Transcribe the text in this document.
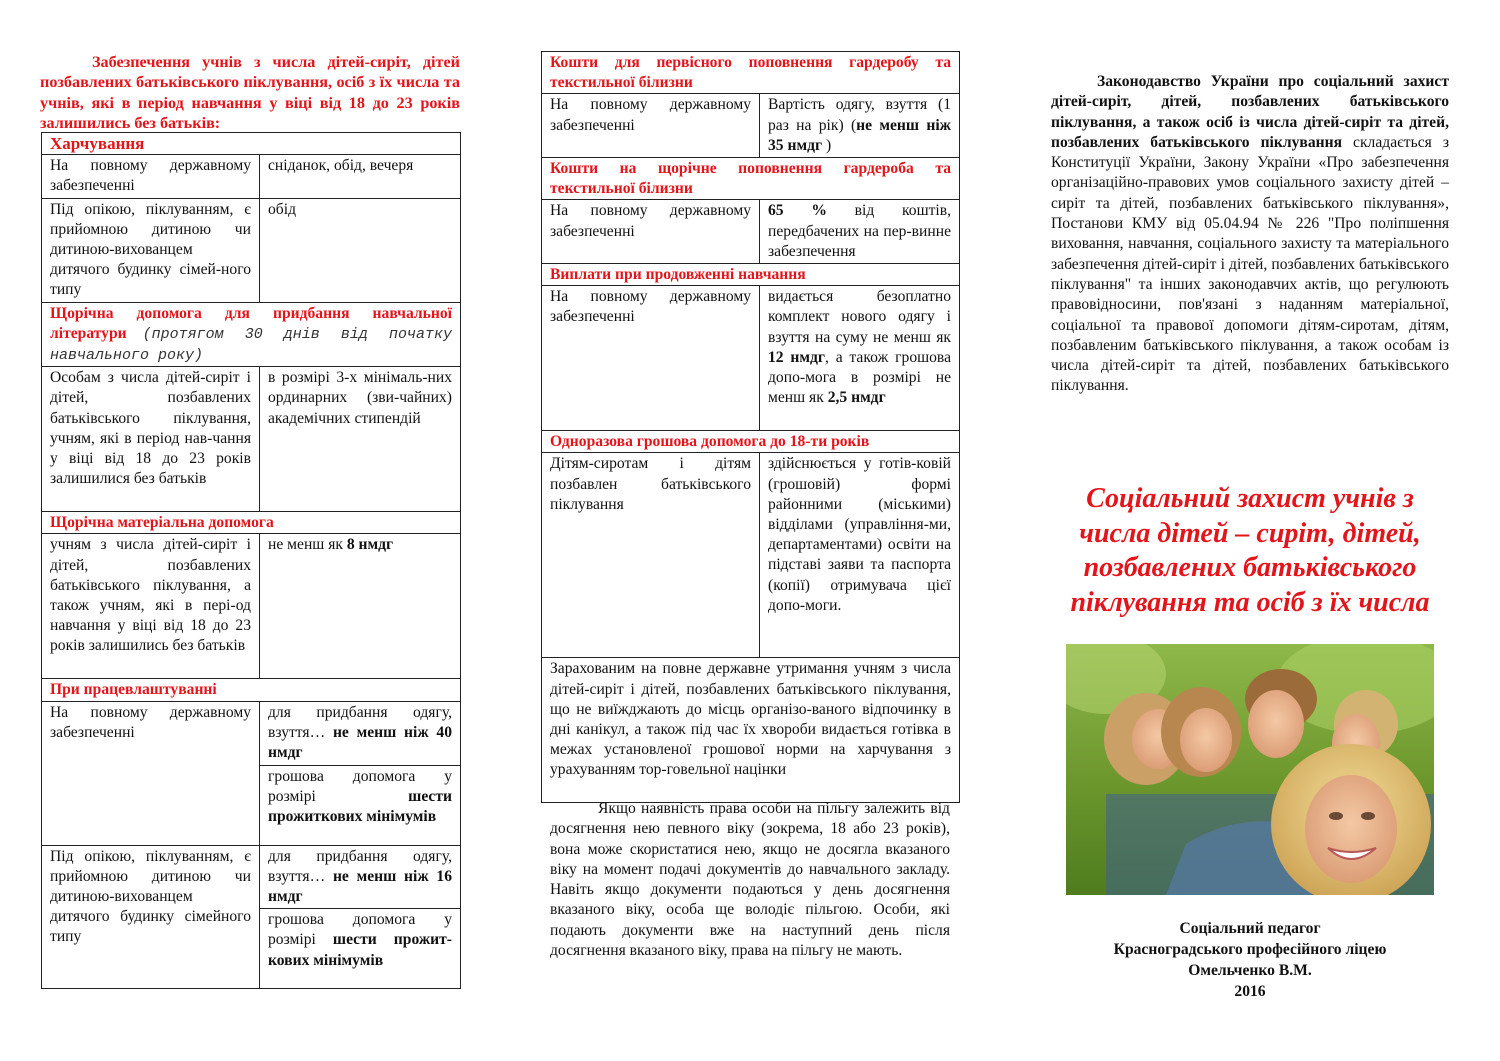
Забезпечення учнів з числа дітей-сиріт, дітей позбавлених батьківського піклування, осіб з їх числа та учнів, які в період навчання у віці від 18 до 23 років залишились без батьків:

Харчування	
На повному державному забезпеченні	сніданок, обід, вечеря
Під опікою, піклуванням, є прийомною дитиною чи дитиною-вихованцем дитячого будинку сімей-ного типу	обід
Щорічна допомога для придбання навчальної літератури (протягом 30 днів від початку навчального року)	
Особам з числа дітей-сиріт і дітей, позбавлених батьківського піклування, учням, які в період нав-чання у віці від 18 до 23 років залишилися без батьків	в розмірі 3-х мінімаль-них ординарних (зви-чайних) академічних стипендій
Щорічна матеріальна допомога	
учням з числа дітей-сиріт і дітей, позбавлених батьківського піклування, а також учням, які в пері-од навчання у віці від 18 до 23 років залишились без батьків	не менш як 8 нмдг
При працевлаштуванні	
На повному державному забезпеченні	для придбання одягу, взуття… не менш ніж 40 нмдг
	грошова допомога у розмірі шести прожиткових мінімумів
Під опікою, піклуванням, є прийомною дитиною чи дитиною-вихованцем дитячого будинку сімейного типу	для придбання одягу, взуття… не менш ніж 16 нмдг
	грошова допомога у розмірі шести прожит-кових мінімумів
Кошти для первісного поповнення гардеробу та текстильної білизни	
На повному державному забезпеченні	Вартість одягу, взуття (1 раз на рік) (не менш ніж 35 нмдг )
Кошти на щорічне поповнення гардероба та текстильної білизни	
На повному державному забезпеченні	65 % від коштів, передбачених на пер-винне забезпечення
Виплати при продовженні навчання	
На повному державному забезпеченні	видається безоплатно комплект нового одягу і взуття на суму не менш як 12 нмдг, а також грошова допо-мога в розмірі не менш як 2,5 нмдг
Одноразова грошова допомога до 18-ти років	
Дітям-сиротам і дітям позбавлен батьківського піклування	здійснюється у готів-ковій (грошовій) формі районними (міськими) відділами (управління-ми, департаментами) освіти на підставі заяви та паспорта (копії) отримувача цієї допо-моги.
Зарахованим на повне державне утримання учням з числа дітей-сиріт і дітей, позбавлених батьківського піклування, що не виїжджають до місць організо-ваного відпочинку в дні канікул, а також під час їх хвороби видається готівка в межах установленої грошової норми на харчування з урахуванням тор-говельної націнки	

Якщо наявність права особи на пільгу залежить від досягнення нею певного віку (зокрема, 18 або 23 років), вона може скористатися нею, якщо не досягла вказаного віку на момент подачі документів до навчального закладу. Навіть якщо документи подаються у день досягнення вказаного віку, особа ще володіє пільгою. Особи, які подають документи вже на наступний день після досягнення вказаного віку, права на пільгу не мають.

Законодавство України про соціальний захист дітей-сиріт, дітей, позбавлених батьківського піклування, а також осіб із числа дітей-сиріт та дітей, позбавлених батьківського піклування складається з Конституції України, Закону України «Про забезпечення організаційно-правових умов соціального захисту дітей – сиріт та дітей, позбавлених батьківського піклування», Постанови КМУ від 05.04.94 № 226 "Про поліпшення виховання, навчання, соціального захисту та матеріального забезпечення дітей-сиріт і дітей, позбавлених батьківського піклування" та інших законодавчих актів, що регулюють правовідносини, пов'язані з наданням матеріальної, соціальної та правової допомоги дітям-сиротам, дітям, позбавленим батьківського піклування, а також особам із числа дітей-сиріт та дітей, позбавлених батьківського піклування.

Соціальний захист учнів з числа дітей – сиріт, дітей, позбавлених батьківського піклування та осіб з їх числа
Соціальний педагог
Красноградського професійного ліцею
Омельченко В.М.
2016
